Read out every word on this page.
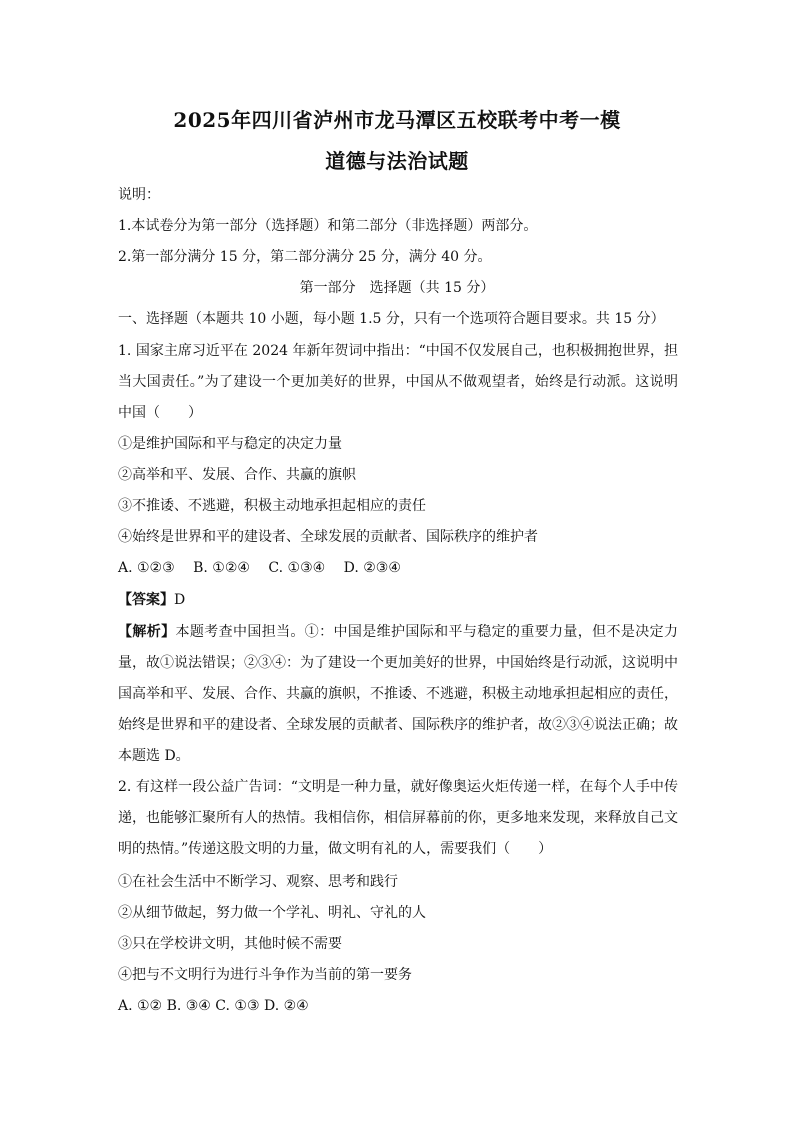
2025年四川省泸州市龙马潭区五校联考中考一模
道德与法治试题
说明：
1.本试卷分为第一部分（选择题）和第二部分（非选择题）两部分。
2.第一部分满分 15 分，第二部分满分 25 分，满分 40 分。
第一部分　选择题（共 15 分）
一、选择题（本题共 10 小题，每小题 1.5 分，只有一个选项符合题目要求。共 15 分）
1. 国家主席习近平在 2024 年新年贺词中指出：“中国不仅发展自己，也积极拥抱世界，担当大国责任。”为了建设一个更加美好的世界，中国从不做观望者，始终是行动派。这说明中国（　　）
①是维护国际和平与稳定的决定力量
②高举和平、发展、合作、共赢的旗帜
③不推诿、不逃避，积极主动地承担起相应的责任
④始终是世界和平的建设者、全球发展的贡献者、国际秩序的维护者
A. ①②③　 B. ①②④　 C. ①③④　 D. ②③④
【答案】D
【解析】本题考查中国担当。①：中国是维护国际和平与稳定的重要力量，但不是决定力量，故①说法错误；②③④：为了建设一个更加美好的世界，中国始终是行动派，这说明中国高举和平、发展、合作、共赢的旗帜，不推诿、不逃避，积极主动地承担起相应的责任，始终是世界和平的建设者、全球发展的贡献者、国际秩序的维护者，故②③④说法正确；故本题选 D。
2. 有这样一段公益广告词：“文明是一种力量，就好像奥运火炬传递一样，在每个人手中传递，也能够汇聚所有人的热情。我相信你，相信屏幕前的你，更多地来发现，来释放自己文明的热情。”传递这股文明的力量，做文明有礼的人，需要我们（　　）
①在社会生活中不断学习、观察、思考和践行
②从细节做起，努力做一个学礼、明礼、守礼的人
③只在学校讲文明，其他时候不需要
④把与不文明行为进行斗争作为当前的第一要务
A. ①② B. ③④ C. ①③ D. ②④
